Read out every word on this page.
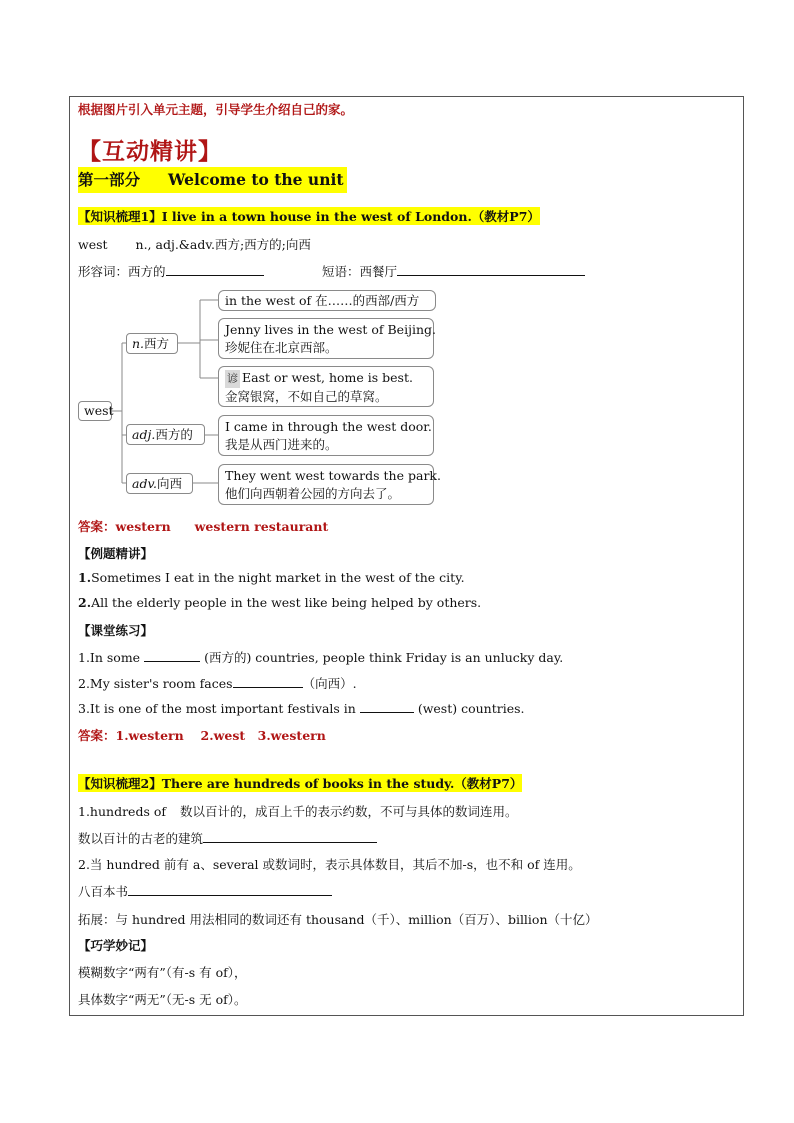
根据图片引入单元主题，引导学生介绍自己的家。
【互动精讲】
第一部分 Welcome to the unit
【知识梳理1】I live in a town house in the west of London.（教材P7）
west n., adj.&adv.西方;西方的;向西
形容词：西方的	短语：西餐厅
west
n.西方
adj.西方的
adv.向西
in the west of 在……的西部/西方
Jenny lives in the west of Beijing.
珍妮住在北京西部。
谚 East or west, home is best.
金窝银窝，不如自己的草窝。
I came in through the west door.
我是从西门进来的。
They went west towards the park.
他们向西朝着公园的方向去了。
答案：western western restaurant
【例题精讲】
1.Sometimes I eat in the night market in the west of the city.
2.All the elderly people in the west like being helped by others.
【课堂练习】
1.In some	(西方的) countries, people think Friday is an unlucky day.
2.My sister's room faces	（向西）.
3.It is one of the most important festivals in	(west) countries.
答案：1.western　 2.west　3.western
【知识梳理2】There are hundreds of books in the study.（教材P7）
1.hundreds of 数以百计的，成百上千的表示约数，不可与具体的数词连用。
数以百计的古老的建筑
2.当 hundred 前有 a、several 或数词时，表示具体数目，其后不加-s，也不和 of 连用。
八百本书
拓展：与 hundred 用法相同的数词还有 thousand（千）、million（百万）、billion（十亿）
【巧学妙记】
模糊数字“两有”（有-s 有 of），
具体数字“两无”（无-s 无 of）。
